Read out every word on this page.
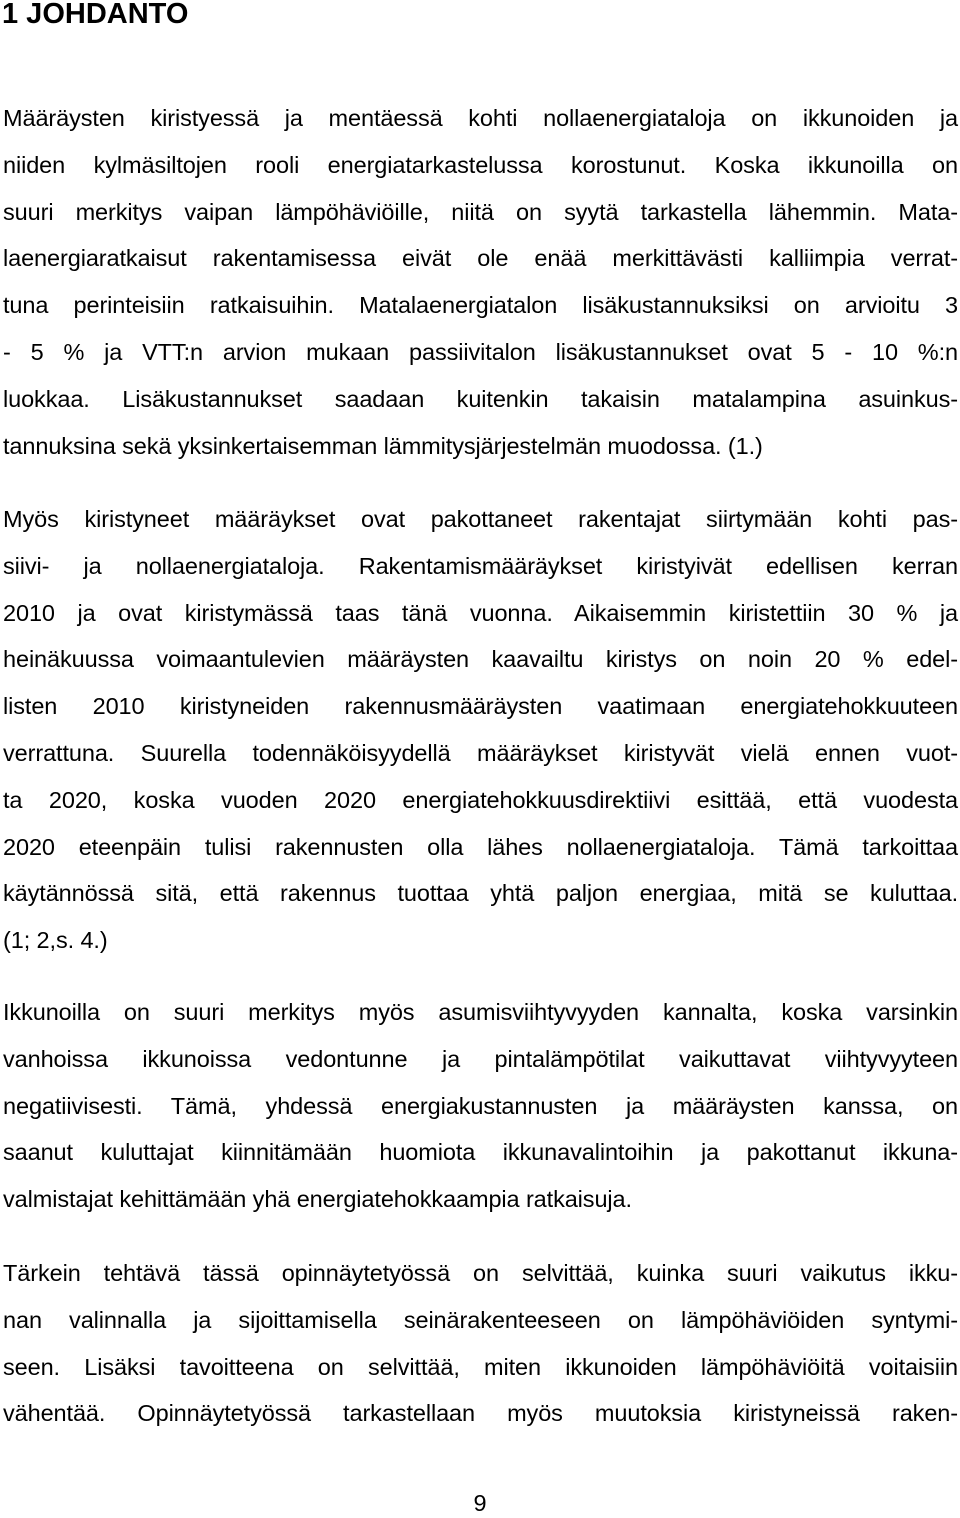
1 JOHDANTO
Määräysten kiristyessä ja mentäessä kohti nollaenergiataloja on ikkunoiden ja
niiden kylmäsiltojen rooli energiatarkastelussa korostunut. Koska ikkunoilla on
suuri merkitys vaipan lämpöhäviöille, niitä on syytä tarkastella lähemmin. Mata-
laenergiaratkaisut rakentamisessa eivät ole enää merkittävästi kalliimpia verrat-
tuna perinteisiin ratkaisuihin. Matalaenergiatalon lisäkustannuksiksi on arvioitu 3
- 5 % ja VTT:n arvion mukaan passiivitalon lisäkustannukset ovat 5 - 10 %:n
luokkaa. Lisäkustannukset saadaan kuitenkin takaisin matalampina asuinkus-
tannuksina sekä yksinkertaisemman lämmitysjärjestelmän muodossa. (1.)
Myös kiristyneet määräykset ovat pakottaneet rakentajat siirtymään kohti pas-
siivi- ja nollaenergiataloja. Rakentamismääräykset kiristyivät edellisen kerran
2010 ja ovat kiristymässä taas tänä vuonna. Aikaisemmin kiristettiin 30 % ja
heinäkuussa voimaantulevien määräysten kaavailtu kiristys on noin 20 % edel-
listen 2010 kiristyneiden rakennusmääräysten vaatimaan energiatehokkuuteen
verrattuna. Suurella todennäköisyydellä määräykset kiristyvät vielä ennen vuot-
ta 2020, koska vuoden 2020 energiatehokkuusdirektiivi esittää, että vuodesta
2020 eteenpäin tulisi rakennusten olla lähes nollaenergiataloja. Tämä tarkoittaa
käytännössä sitä, että rakennus tuottaa yhtä paljon energiaa, mitä se kuluttaa.
(1; 2,s. 4.)
Ikkunoilla on suuri merkitys myös asumisviihtyvyyden kannalta, koska varsinkin
vanhoissa ikkunoissa vedontunne ja pintalämpötilat vaikuttavat viihtyvyyteen
negatiivisesti. Tämä, yhdessä energiakustannusten ja määräysten kanssa, on
saanut kuluttajat kiinnitämään huomiota ikkunavalintoihin ja pakottanut ikkuna-
valmistajat kehittämään yhä energiatehokkaampia ratkaisuja.
Tärkein tehtävä tässä opinnäytetyössä on selvittää, kuinka suuri vaikutus ikku-
nan valinnalla ja sijoittamisella seinärakenteeseen on lämpöhäviöiden syntymi-
seen. Lisäksi tavoitteena on selvittää, miten ikkunoiden lämpöhäviöitä voitaisiin
vähentää. Opinnäytetyössä tarkastellaan myös muutoksia kiristyneissä raken-
9
